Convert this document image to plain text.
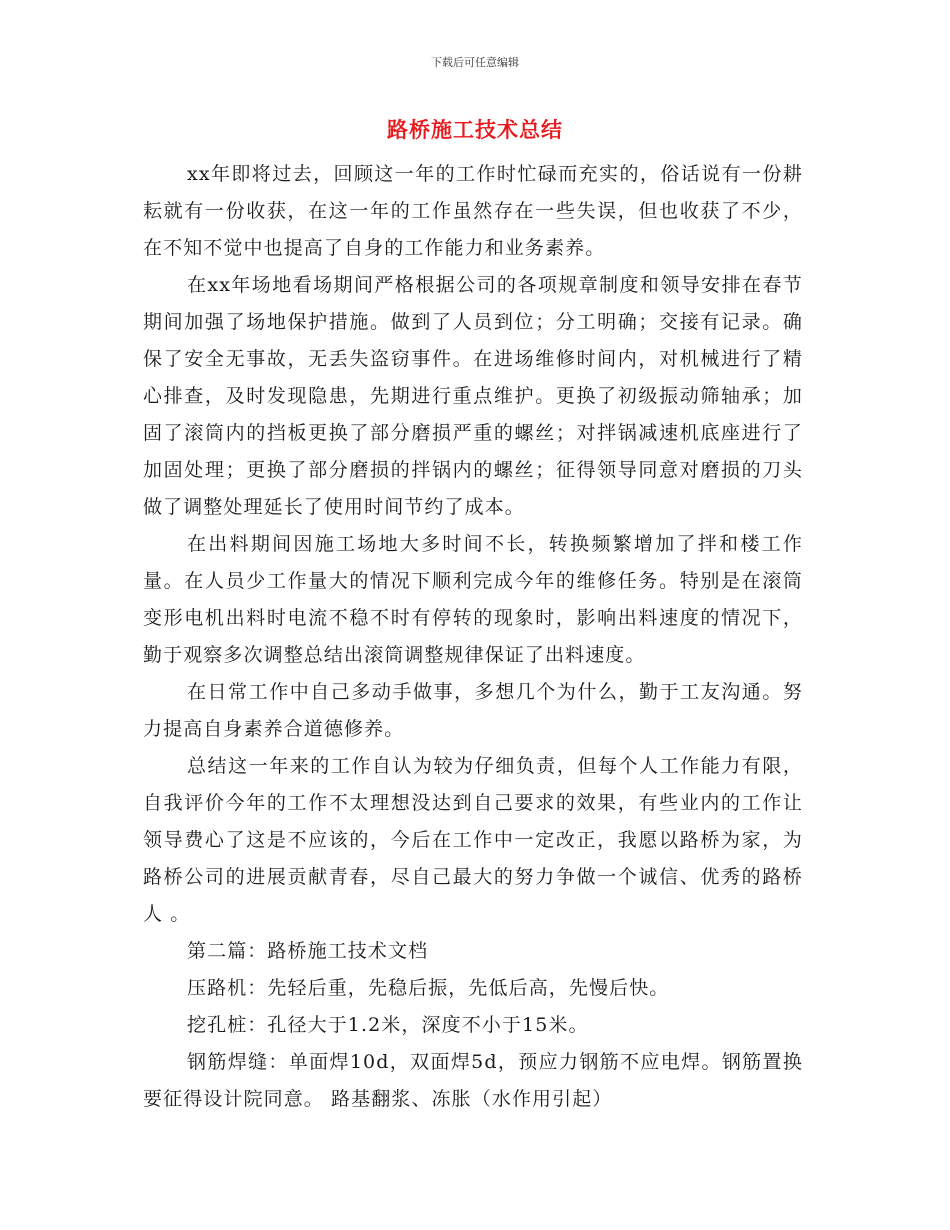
下载后可任意编辑
路桥施工技术总结

xx年即将过去，回顾这一年的工作时忙碌而充实的，俗话说有一份耕耘就有一份收获，在这一年的工作虽然存在一些失误，但也收获了不少，在不知不觉中也提高了自身的工作能力和业务素养。

在xx年场地看场期间严格根据公司的各项规章制度和领导安排在春节期间加强了场地保护措施。做到了人员到位；分工明确；交接有记录。确保了安全无事故，无丢失盗窃事件。在进场维修时间内，对机械进行了精心排查，及时发现隐患，先期进行重点维护。更换了初级振动筛轴承；加固了滚筒内的挡板更换了部分磨损严重的螺丝；对拌锅减速机底座进行了加固处理；更换了部分磨损的拌锅内的螺丝；征得领导同意对磨损的刀头做了调整处理延长了使用时间节约了成本。

在出料期间因施工场地大多时间不长，转换频繁增加了拌和楼工作量。在人员少工作量大的情况下顺利完成今年的维修任务。特别是在滚筒变形电机出料时电流不稳不时有停转的现象时，影响出料速度的情况下，勤于观察多次调整总结出滚筒调整规律保证了出料速度。

在日常工作中自己多动手做事，多想几个为什么，勤于工友沟通。努力提高自身素养合道德修养。

总结这一年来的工作自认为较为仔细负责，但每个人工作能力有限，自我评价今年的工作不太理想没达到自己要求的效果，有些业内的工作让领导费心了这是不应该的，今后在工作中一定改正，我愿以路桥为家，为路桥公司的进展贡献青春，尽自己最大的努力争做一个诚信、优秀的路桥人 。

第二篇：路桥施工技术文档

压路机：先轻后重，先稳后振，先低后高，先慢后快。

挖孔桩：孔径大于1.2米，深度不小于15米。

钢筋焊缝：单面焊10d，双面焊5d，预应力钢筋不应电焊。钢筋置换要征得设计院同意。 路基翻浆、冻胀（水作用引起）
